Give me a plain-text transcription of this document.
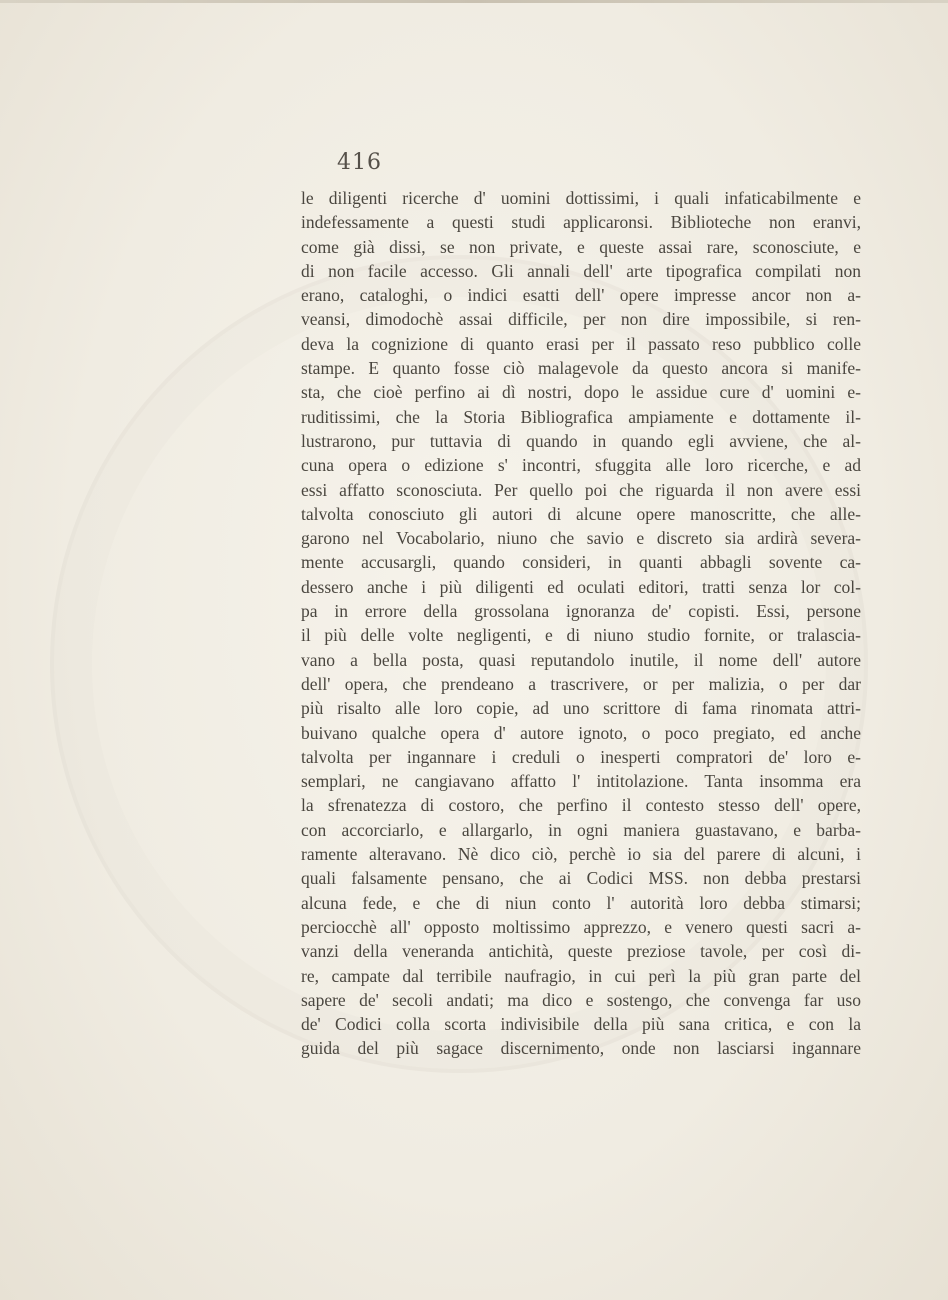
416
le diligenti ricerche d' uomini dottissimi, i quali infaticabilmente e
indefessamente a questi studi applicaronsi. Biblioteche non eranvi,
come già dissi, se non private, e queste assai rare, sconosciute, e
di non facile accesso. Gli annali dell' arte tipografica compilati non
erano, cataloghi, o indici esatti dell' opere impresse ancor non a-
veansi, dimodochè assai difficile, per non dire impossibile, si ren-
deva la cognizione di quanto erasi per il passato reso pubblico colle
stampe. E quanto fosse ciò malagevole da questo ancora si manife-
sta, che cioè perfino ai dì nostri, dopo le assidue cure d' uomini e-
ruditissimi, che la Storia Bibliografica ampiamente e dottamente il-
lustrarono, pur tuttavia di quando in quando egli avviene, che al-
cuna opera o edizione s' incontri, sfuggita alle loro ricerche, e ad
essi affatto sconosciuta. Per quello poi che riguarda il non avere essi
talvolta conosciuto gli autori di alcune opere manoscritte, che alle-
garono nel Vocabolario, niuno che savio e discreto sia ardirà severa-
mente accusargli, quando consideri, in quanti abbagli sovente ca-
dessero anche i più diligenti ed oculati editori, tratti senza lor col-
pa in errore della grossolana ignoranza de' copisti. Essi, persone
il più delle volte negligenti, e di niuno studio fornite, or tralascia-
vano a bella posta, quasi reputandolo inutile, il nome dell' autore
dell' opera, che prendeano a trascrivere, or per malizia, o per dar
più risalto alle loro copie, ad uno scrittore di fama rinomata attri-
buivano qualche opera d' autore ignoto, o poco pregiato, ed anche
talvolta per ingannare i creduli o inesperti compratori de' loro e-
semplari, ne cangiavano affatto l' intitolazione. Tanta insomma era
la sfrenatezza di costoro, che perfino il contesto stesso dell' opere,
con accorciarlo, e allargarlo, in ogni maniera guastavano, e barba-
ramente alteravano. Nè dico ciò, perchè io sia del parere di alcuni, i
quali falsamente pensano, che ai Codici MSS. non debba prestarsi
alcuna fede, e che di niun conto l' autorità loro debba stimarsi;
perciocchè all' opposto moltissimo apprezzo, e venero questi sacri a-
vanzi della veneranda antichità, queste preziose tavole, per così di-
re, campate dal terribile naufragio, in cui perì la più gran parte del
sapere de' secoli andati; ma dico e sostengo, che convenga far uso
de' Codici colla scorta indivisibile della più sana critica, e con la
guida del più sagace discernimento, onde non lasciarsi ingannare
